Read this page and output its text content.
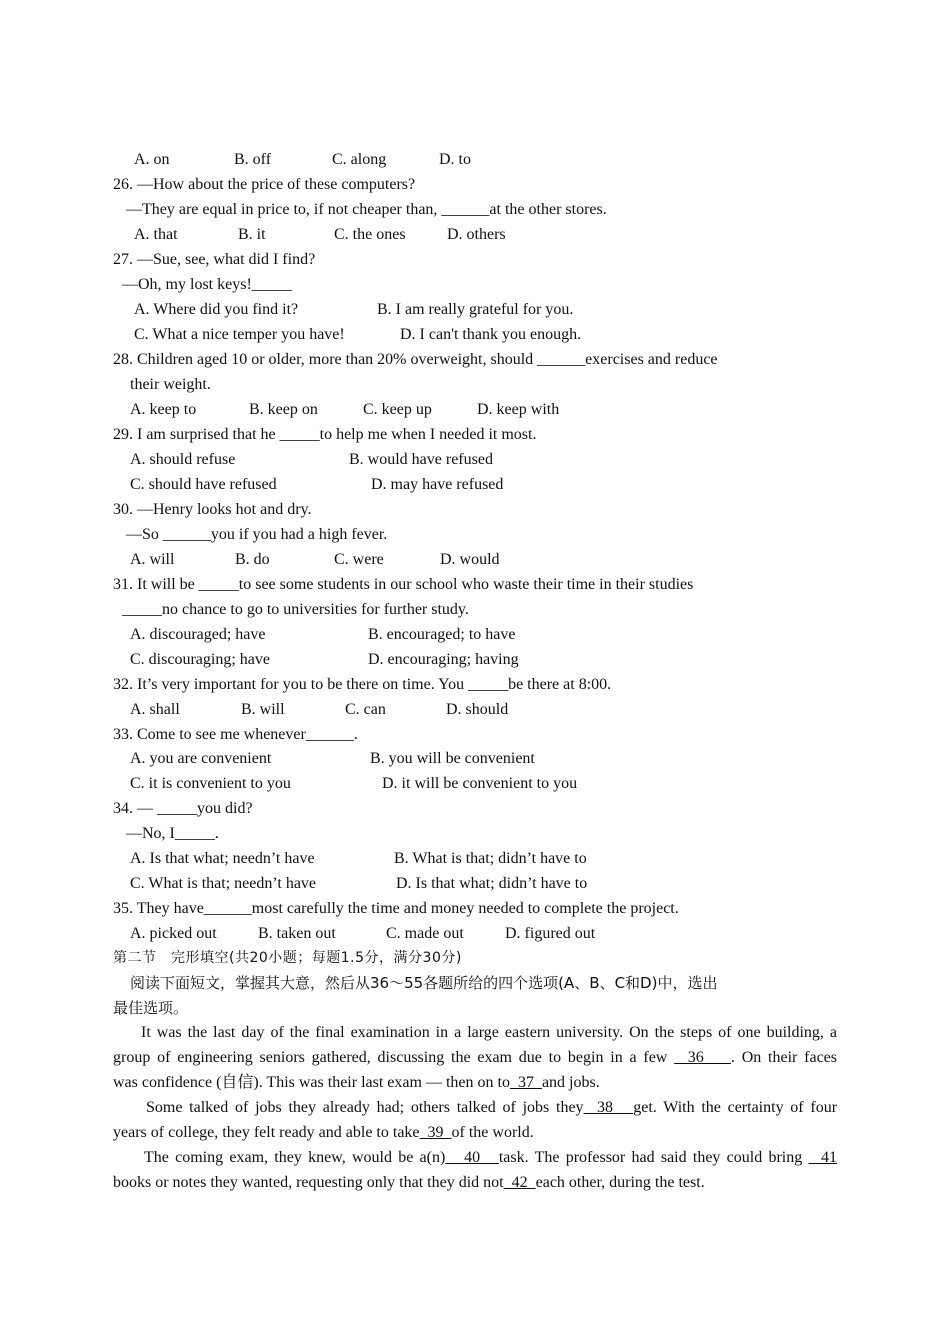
A. on	B. off	C. along	D. to
26. —How about the price of these computers?
—They are equal in price to, if not cheaper than, ______at the other stores.
A. that	B. it	C. the ones	D. others
27. —Sue, see, what did I find?
—Oh, my lost keys!_____
A. Where did you find it?	B. I am really grateful for you.
C. What a nice temper you have!	D. I can't thank you enough.
28. Children aged 10 or older, more than 20% overweight, should ______exercises and reduce
their weight.
A. keep to	B. keep on	C. keep up	D. keep with
29. I am surprised that he _____to help me when I needed it most.
A. should refuse	B. would have refused
C. should have refused	D. may have refused
30. —Henry looks hot and dry.
—So ______you if you had a high fever.
A. will	B. do	C. were	D. would
31. It will be _____to see some students in our school who waste their time in their studies
_____no chance to go to universities for further study.
A. discouraged; have	B. encouraged; to have
C. discouraging; have	D. encouraging; having
32. It’s very important for you to be there on time. You _____be there at 8:00.
A. shall	B. will	C. can	D. should
33. Come to see me whenever______.
A. you are convenient	B. you will be convenient
C. it is convenient to you	D. it will be convenient to you
34. — _____you did?
—No, I_____.
A. Is that what; needn’t have	B. What is that; didn’t have to
C. What is that; needn’t have	D. Is that what; didn’t have to
35. They have______most carefully the time and money needed to complete the project.
A. picked out	B. taken out	C. made out	D. figured out
第二节　完形填空(共20小题；每题1.5分，满分30分)
阅读下面短文，掌握其大意，然后从36～55各题所给的四个选项(A、B、C和D)中，选出
最佳选项。
It was the last day of the final examination in a large eastern university. On the steps of one building, a
group of engineering seniors gathered, discussing the exam due to begin in a few   36    . On their faces
was confidence (自信). This was their last exam — then on to  37  and jobs.
Some talked of jobs they already had; others talked of jobs they  38   get. With the certainty of four
years of college, they felt ready and able to take  39  of the world.
The coming exam, they knew, would be a(n)   40   task. The professor had said they could bring   41
books or notes they wanted, requesting only that they did not  42  each other, during the test.
